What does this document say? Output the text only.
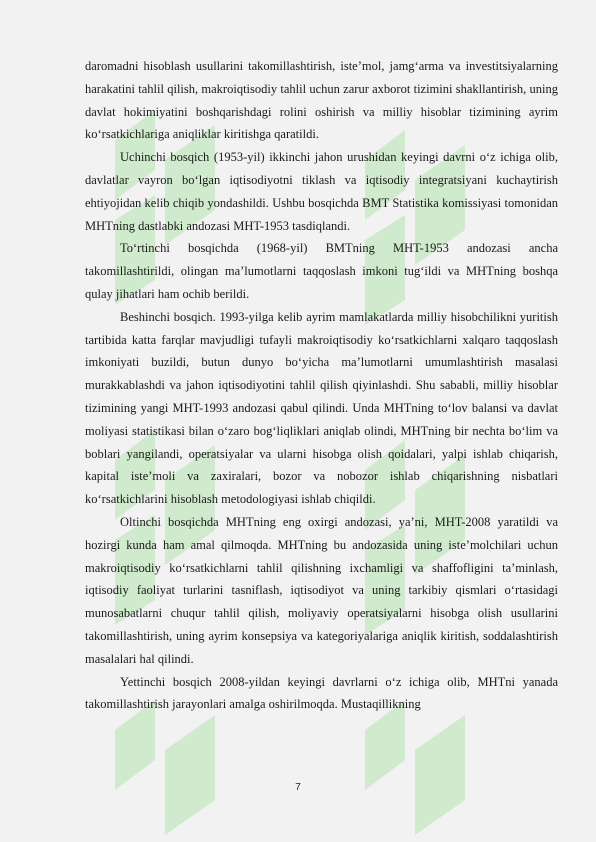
daromadni hisoblash usullarini takomillashtirish, iste’mol, jamg‘arma va investitsiyalarning harakatini tahlil qilish, makroiqtisodiy tahlil uchun zarur axborot tizimini shakllantirish, uning davlat hokimiyatini boshqarishdagi rolini oshirish va milliy hisoblar tizimining ayrim ko‘rsatkichlariga aniqliklar kiritishga qaratildi.

Uchinchi bosqich (1953-yil) ikkinchi jahon urushidan keyingi davrni o‘z ichiga olib, davlatlar vayron bo‘lgan iqtisodiyotni tiklash va iqtisodiy integratsiyani kuchaytirish ehtiyojidan kelib chiqib yondashildi. Ushbu bosqichda BMT Statistika komissiyasi tomonidan MHTning dastlabki andozasi MHT-1953 tasdiqlandi.

To‘rtinchi bosqichda (1968-yil) BMTning MHT-1953 andozasi ancha takomillashtirildi, olingan ma’lumotlarni taqqoslash imkoni tug‘ildi va MHTning boshqa qulay jihatlari ham ochib berildi.

Beshinchi bosqich. 1993-yilga kelib ayrim mamlakatlarda milliy hisobchilikni yuritish tartibida katta farqlar mavjudligi tufayli makroiqtisodiy ko‘rsatkichlarni xalqaro taqqoslash imkoniyati buzildi, butun dunyo bo‘yicha ma’lumotlarni umumlashtirish masalasi murakkablashdi va jahon iqtisodiyotini tahlil qilish qiyinlashdi. Shu sababli, milliy hisoblar tizimining yangi MHT-1993 andozasi qabul qilindi. Unda MHTning to‘lov balansi va davlat moliyasi statistikasi bilan o‘zaro bog‘liqliklari aniqlab olindi, MHTning bir nechta bo‘lim va boblari yangilandi, operatsiyalar va ularni hisobga olish qoidalari, yalpi ishlab chiqarish, kapital iste’moli va zaxiralari, bozor va nobozor ishlab chiqarishning nisbatlari ko‘rsatkichlarini hisoblash metodologiyasi ishlab chiqildi.

Oltinchi bosqichda MHTning eng oxirgi andozasi, ya’ni, MHT-2008 yaratildi va hozirgi kunda ham amal qilmoqda. MHTning bu andozasida uning iste’molchilari uchun makroiqtisodiy ko‘rsatkichlarni tahlil qilishning ixchamligi va shaffofligini ta’minlash, iqtisodiy faoliyat turlarini tasniflash, iqtisodiyot va uning tarkibiy qismlari o‘rtasidagi munosabatlarni chuqur tahlil qilish, moliyaviy operatsiyalarni hisobga olish usullarini takomillashtirish, uning ayrim konsepsiya va kategoriyalariga aniqlik kiritish, soddalashtirish masalalari hal qilindi.

Yettinchi bosqich 2008-yildan keyingi davrlarni o‘z ichiga olib, MHTni yanada takomillashtirish jarayonlari amalga oshirilmoqda. Mustaqillikning

7
